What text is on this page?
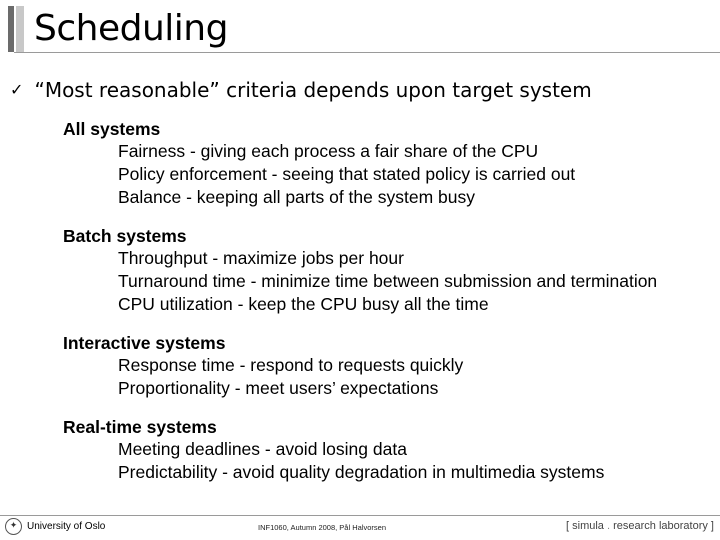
Scheduling
✓ “Most reasonable” criteria depends upon target system
All systems
Fairness - giving each process a fair share of the CPU
Policy enforcement - seeing that stated policy is carried out
Balance - keeping all parts of the system busy
Batch systems
Throughput - maximize jobs per hour
Turnaround time - minimize time between submission and termination
CPU utilization - keep the CPU busy all the time
Interactive systems
Response time - respond to requests quickly
Proportionality - meet users’ expectations
Real-time systems
Meeting deadlines - avoid losing data
Predictability - avoid quality degradation in multimedia systems
✦ University of Oslo	INF1060, Autumn 2008, Pål Halvorsen	[ simula . research laboratory ]
